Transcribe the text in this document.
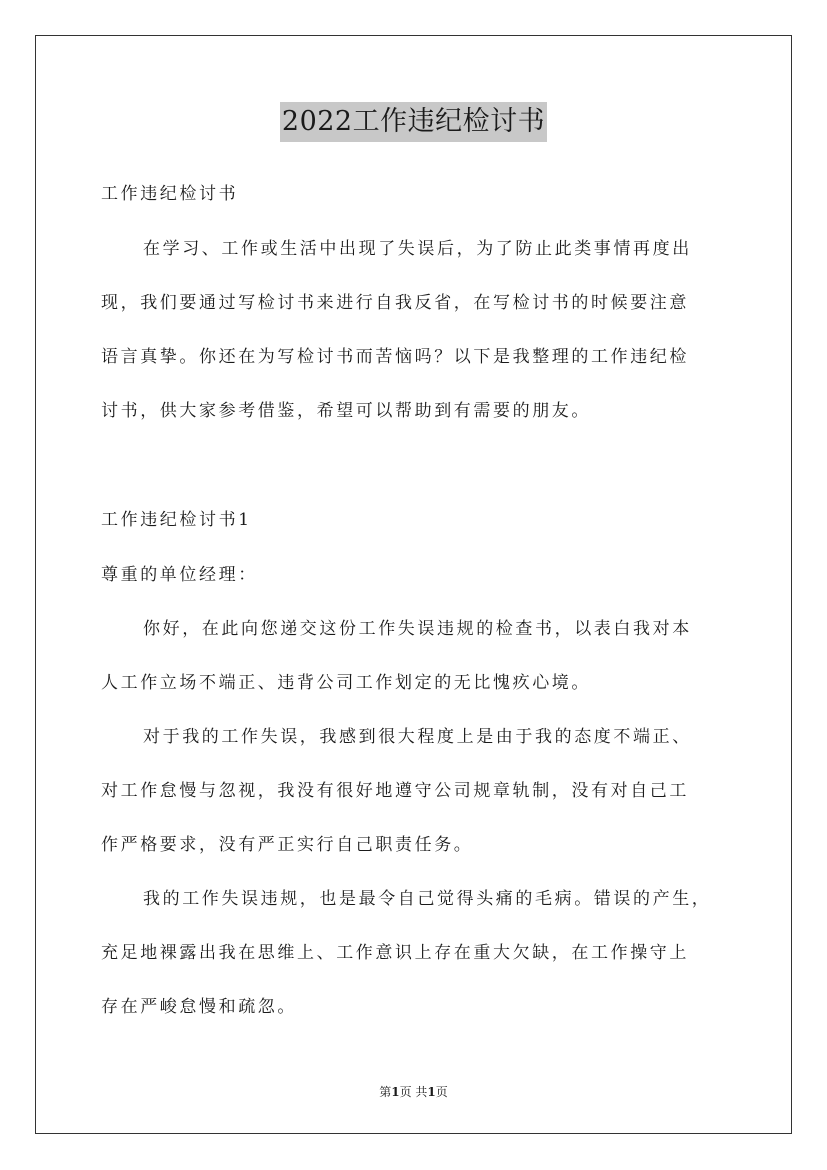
2022工作违纪检讨书
工作违纪检讨书
在学习、工作或生活中出现了失误后，为了防止此类事情再度出
现，我们要通过写检讨书来进行自我反省，在写检讨书的时候要注意
语言真挚。你还在为写检讨书而苦恼吗？以下是我整理的工作违纪检
讨书，供大家参考借鉴，希望可以帮助到有需要的朋友。
工作违纪检讨书1
尊重的单位经理：
你好，在此向您递交这份工作失误违规的检查书，以表白我对本
人工作立场不端正、违背公司工作划定的无比愧疚心境。
对于我的工作失误，我感到很大程度上是由于我的态度不端正、
对工作怠慢与忽视，我没有很好地遵守公司规章轨制，没有对自己工
作严格要求，没有严正实行自己职责任务。
我的工作失误违规，也是最令自己觉得头痛的毛病。错误的产生，
充足地裸露出我在思维上、工作意识上存在重大欠缺，在工作操守上
存在严峻怠慢和疏忽。
第1页 共1页
